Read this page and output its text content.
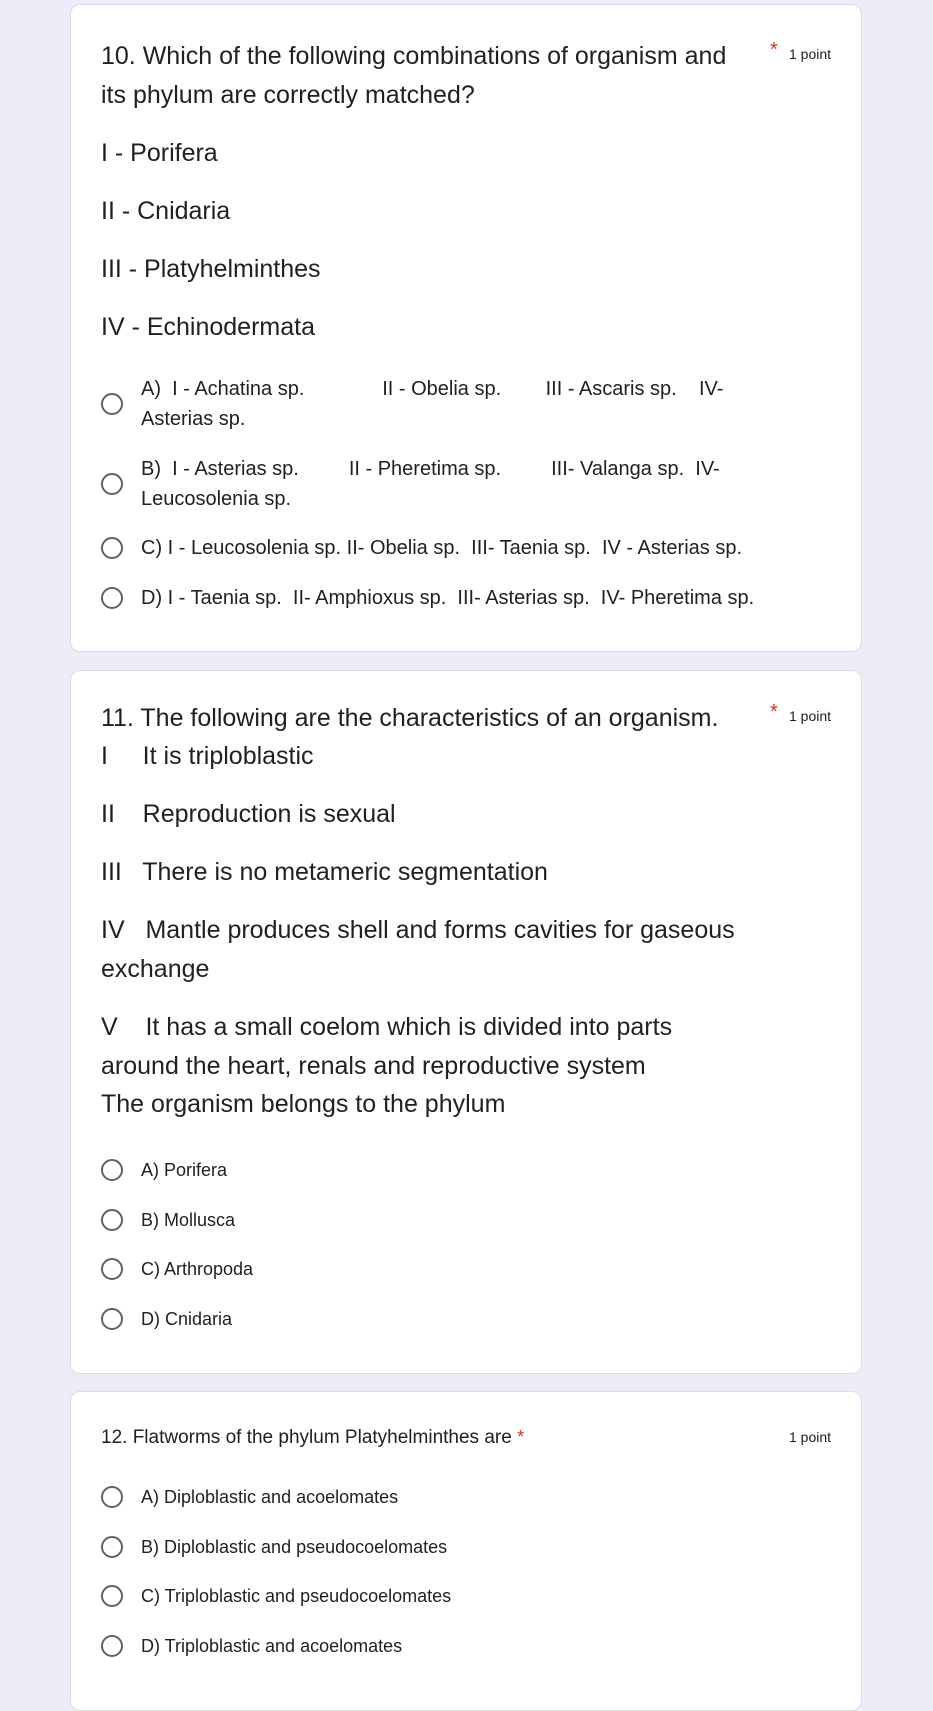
10. Which of the following combinations of organism and * 1 point
its phylum are correctly matched?
I - Porifera
II - Cnidaria
III - Platyhelminthes
IV - Echinodermata
A)  I - Achatina sp.              II - Obelia sp.        III - Ascaris sp.    IV-
Asterias sp.
B)  I - Asterias sp.         II - Pheretima sp.         III- Valanga sp.  IV-
Leucosolenia sp.
C) I - Leucosolenia sp. II- Obelia sp.  III- Taenia sp.  IV - Asterias sp.
D) I - Taenia sp.  II- Amphioxus sp.  III- Asterias sp.  IV- Pheretima sp.
11. The following are the characteristics of an organism.	* 1 point
I     It is triploblastic
II    Reproduction is sexual
III   There is no metameric segmentation
IV   Mantle produces shell and forms cavities for gaseous
exchange
V    It has a small coelom which is divided into parts
around the heart, renals and reproductive system
The organism belongs to the phylum
A) Porifera
B) Mollusca
C) Arthropoda
D) Cnidaria
12. Flatworms of the phylum Platyhelminthes are *	1 point
A) Diploblastic and acoelomates
B) Diploblastic and pseudocoelomates
C) Triploblastic and pseudocoelomates
D) Triploblastic and acoelomates
